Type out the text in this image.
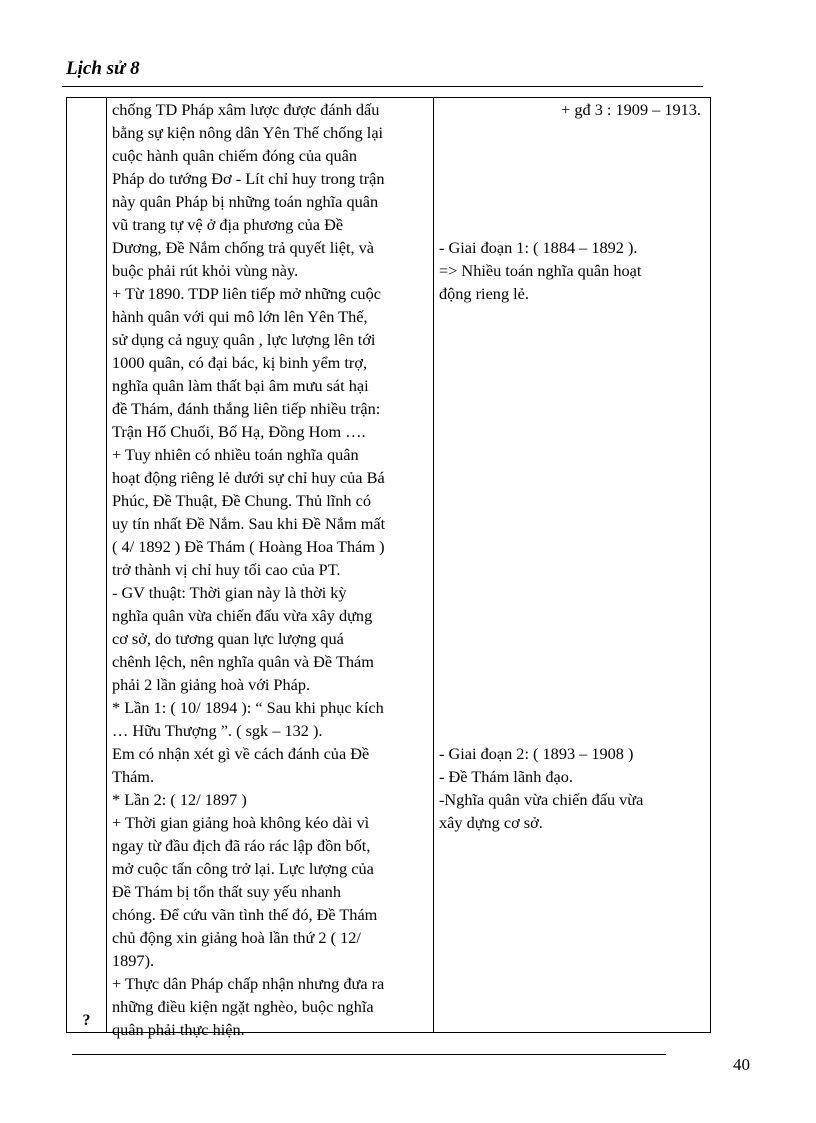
Lịch sử 8
?

chống TD Pháp xâm lược được đánh dấu

bằng sự kiện nông dân Yên Thế chống lại

cuộc hành quân chiếm đóng của quân

Pháp do tướng Đơ - Lít chỉ huy trong trận

này quân Pháp bị những toán nghĩa quân

vũ trang tự vệ ở địa phương của Đề

Dương, Đề Nắm chống trả quyết liệt, và

buộc phải rút khỏi vùng này.

+ Từ 1890. TDP liên tiếp mở những cuộc

hành quân với qui mô lớn lên Yên Thế,

sử dụng cả nguỵ quân , lực lượng lên tới

1000 quân, có đại bác, kị binh yểm trợ,

nghĩa quân làm thất bại âm mưu sát hại

đề Thám, đánh thắng liên tiếp nhiều trận:

Trận Hố Chuối, Bố Hạ, Đồng Hom ….

+ Tuy nhiên có nhiều toán nghĩa quân

hoạt động riêng lẻ dưới sự chỉ huy của Bá

Phúc, Đề Thuật, Đề Chung. Thủ lĩnh có

uy tín nhất Đề Nắm. Sau khi Đề Nắm mất

( 4/ 1892 ) Đề Thám ( Hoàng Hoa Thám )

trở thành vị chỉ huy tối cao của PT.

- GV thuật: Thời gian này là thời kỳ

nghĩa quân vừa chiến đấu vừa xây dựng

cơ sở, do tương quan lực lượng quá

chênh lệch, nên nghĩa quân và Đề Thám

phải 2 lần giảng hoà với Pháp.

* Lần 1: ( 10/ 1894 ): “ Sau khi phục kích

… Hữu Thượng ”. ( sgk – 132 ).

Em có nhận xét gì về cách đánh của Đề

Thám.

* Lần 2: ( 12/ 1897 )

+ Thời gian giảng hoà không kéo dài vì

ngay từ đầu địch đã ráo rác lập đồn bốt,

mở cuộc tấn công trở lại. Lực lượng của

Đề Thám bị tổn thất suy yếu nhanh

chóng. Để cứu vãn tình thế đó, Đề Thám

chủ động xin giảng hoà lần thứ 2 ( 12/

1897).

+ Thực dân Pháp chấp nhận nhưng đưa ra

những điều kiện ngặt nghèo, buộc nghĩa

quân phải thực hiện.

+ gđ 3 : 1909 – 1913.

- Giai đoạn 1: ( 1884 – 1892 ).

=> Nhiều toán nghĩa quân hoạt

động rieng lẻ.

- Giai đoạn 2: ( 1893 – 1908 )

- Đề Thám lãnh đạo.

-Nghĩa quân vừa chiến đấu vừa

xây dựng cơ sở.

40
